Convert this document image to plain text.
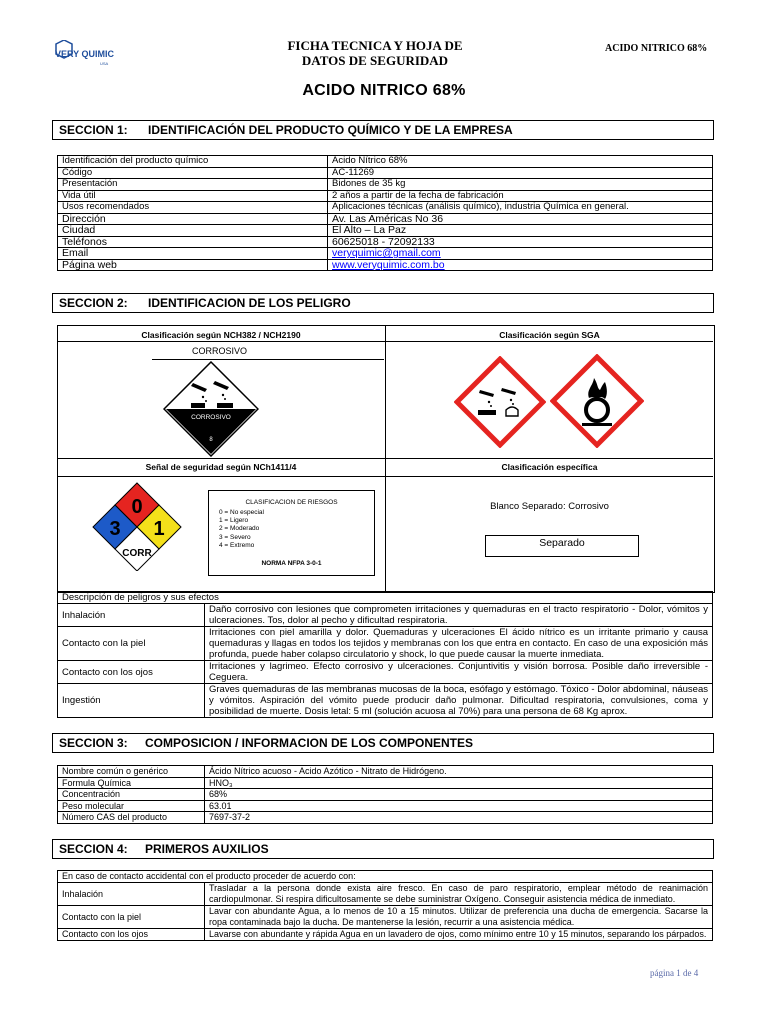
VERY QUIMIC
USA
FICHA TECNICA Y HOJA DE
DATOS DE SEGURIDAD
ACIDO NITRICO 68%
ACIDO NITRICO 68%
SECCION 1: IDENTIFICACIÓN DEL PRODUCTO QUÍMICO Y DE LA EMPRESA
Identificación del producto químico	Ácido Nítrico 68%
Código	AC-11269
Presentación	Bidones de 35 kg
Vida útil	2 años a partir de la fecha de fabricación
Usos recomendados	Aplicaciones técnicas (análisis químico), industria Química en general.
Dirección	Av. Las Américas No 36
Ciudad	El Alto – La Paz
Teléfonos	60625018 - 72092133
Email	veryquimic@gmail.com
Página web	www.veryquimic.com.bo
SECCION 2: IDENTIFICACION DE LOS PELIGRO
Clasificación según NCH382 / NCH2190	Clasificación según SGA
Señal de seguridad según NCh1411/4	Clasificación específica
CORROSIVO
CORROSIVO
8
0
3 1
CORR
CLASIFICACION DE RIESGOS
0 = No especial
1 = Ligero
2 = Moderado
3 = Severo
4 = Extremo
NORMA NFPA 3-0-1
Blanco Separado: Corrosivo
Separado
Descripción de peligros y sus efectos	
Inhalación	Daño corrosivo con lesiones que comprometen irritaciones y quemaduras en el tracto respiratorio - Dolor, vómitos y ulceraciones. Tos, dolor al pecho y dificultad respiratoria.
Contacto con la piel	Irritaciones con piel amarilla y dolor. Quemaduras y ulceraciones El ácido nítrico es un irritante primario y causa quemaduras y llagas en todos los tejidos y membranas con los que entra en contacto. En caso de una exposición más profunda, puede haber colapso circulatorio y shock, lo que puede causar la muerte inmediata.
Contacto con los ojos	Irritaciones y lagrimeo. Efecto corrosivo y ulceraciones. Conjuntivitis y visión borrosa. Posible daño irreversible - Ceguera.
Ingestión	Graves quemaduras de las membranas mucosas de la boca, esófago y estómago. Tóxico - Dolor abdominal, náuseas y vómitos. Aspiración del vómito puede producir daño pulmonar. Dificultad respiratoria, convulsiones, coma y posibilidad de muerte. Dosis letal: 5 ml (solución acuosa al 70%) para una persona de 68 Kg aprox.
SECCION 3: COMPOSICION / INFORMACION DE LOS COMPONENTES
Nombre común o genérico	Ácido Nítrico acuoso - Acido Azótico - Nitrato de Hidrógeno.
Formula Química	HNO₃
Concentración	68%
Peso molecular	63.01
Número CAS del producto	7697-37-2
SECCION 4: PRIMEROS AUXILIOS
En caso de contacto accidental con el producto proceder de acuerdo con:	
Inhalación	Trasladar a la persona donde exista aire fresco. En caso de paro respiratorio, emplear método de reanimación cardiopulmonar. Si respira dificultosamente se debe suministrar Oxígeno. Conseguir asistencia médica de inmediato.
Contacto con la piel	Lavar con abundante Agua, a lo menos de 10 a 15 minutos. Utilizar de preferencia una ducha de emergencia. Sacarse la ropa contaminada bajo la ducha. De mantenerse la lesión, recurrir a una asistencia médica.
Contacto con los ojos	Lavarse con abundante y rápida Agua en un lavadero de ojos, como mínimo entre 10 y 15 minutos, separando los párpados.
página 1 de 4
